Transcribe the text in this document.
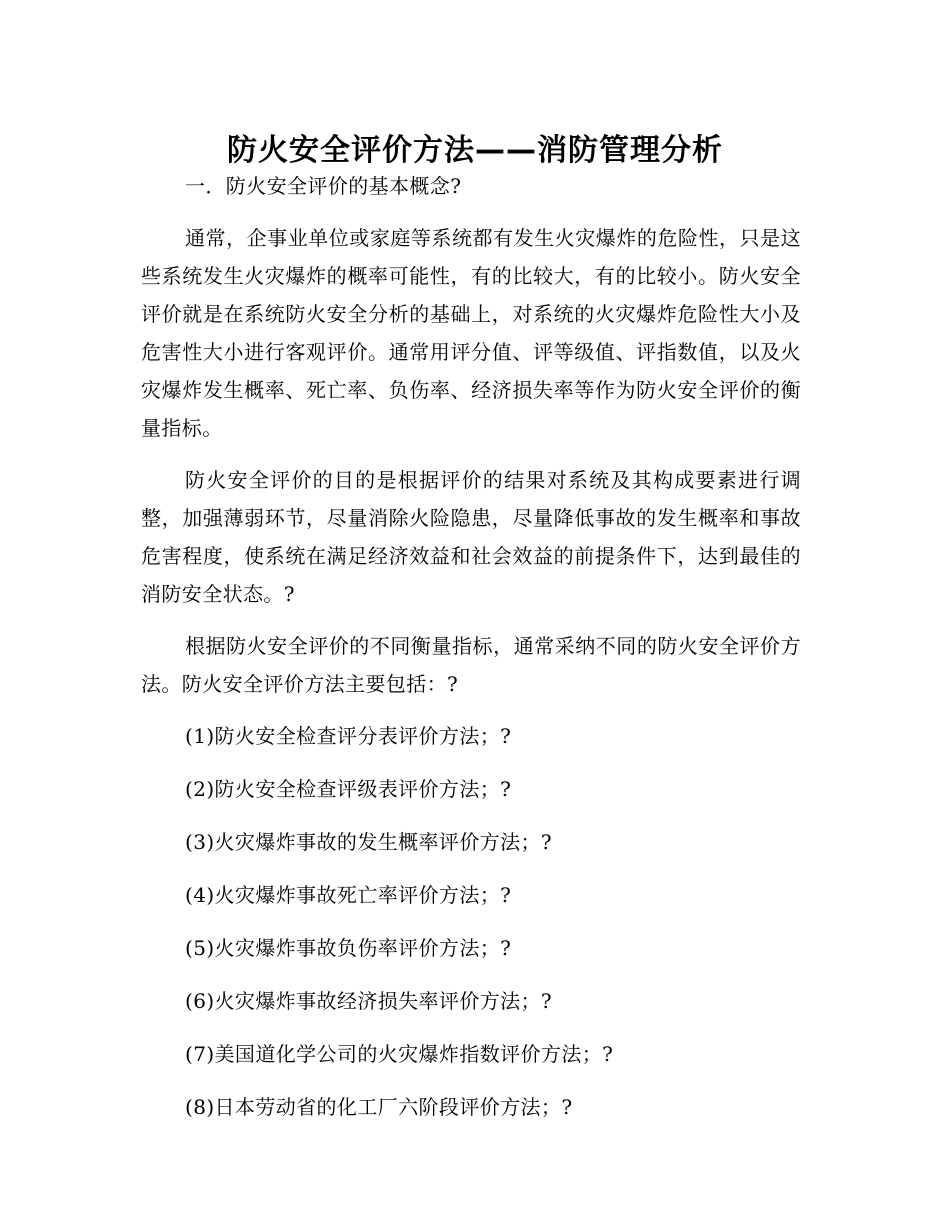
防火安全评价方法——消防管理分析

一．防火安全评价的基本概念?

通常，企事业单位或家庭等系统都有发生火灾爆炸的危险性，只是这些系统发生火灾爆炸的概率可能性，有的比较大，有的比较小。防火安全评价就是在系统防火安全分析的基础上，对系统的火灾爆炸危险性大小及危害性大小进行客观评价。通常用评分值、评等级值、评指数值，以及火灾爆炸发生概率、死亡率、负伤率、经济损失率等作为防火安全评价的衡量指标。

防火安全评价的目的是根据评价的结果对系统及其构成要素进行调整，加强薄弱环节，尽量消除火险隐患，尽量降低事故的发生概率和事故危害程度，使系统在满足经济效益和社会效益的前提条件下，达到最佳的消防安全状态。?

根据防火安全评价的不同衡量指标，通常采纳不同的防火安全评价方法。防火安全评价方法主要包括：?

(1)防火安全检查评分表评价方法；?
(2)防火安全检查评级表评价方法；?
(3)火灾爆炸事故的发生概率评价方法；?
(4)火灾爆炸事故死亡率评价方法；?
(5)火灾爆炸事故负伤率评价方法；?
(6)火灾爆炸事故经济损失率评价方法；?
(7)美国道化学公司的火灾爆炸指数评价方法；?
(8)日本劳动省的化工厂六阶段评价方法；?
